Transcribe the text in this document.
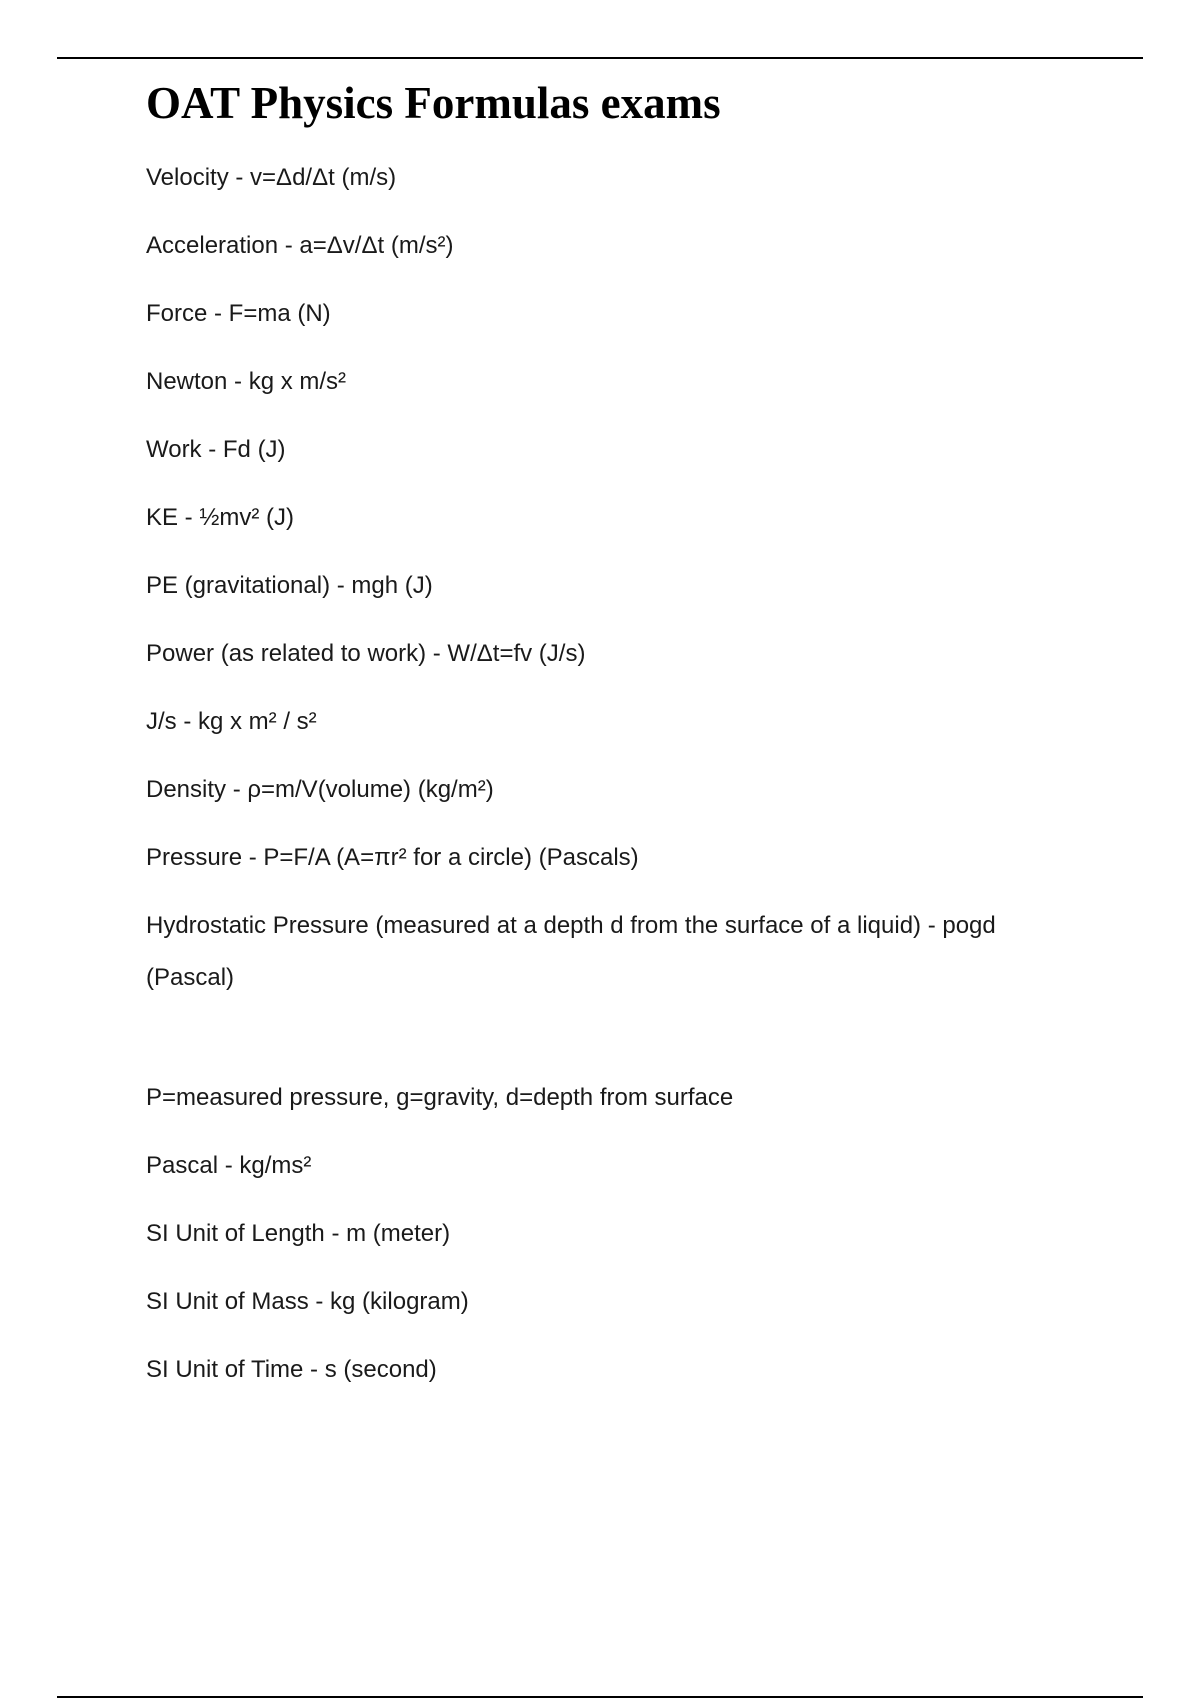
OAT Physics Formulas exams
Velocity - v=Δd/Δt (m/s)
Acceleration - a=Δv/Δt (m/s²)
Force - F=ma (N)
Newton - kg x m/s²
Work - Fd (J)
KE - ½mv² (J)
PE (gravitational) - mgh (J)
Power (as related to work) - W/Δt=fv (J/s)
J/s - kg x m² / s²
Density - ρ=m/V(volume) (kg/m²)
Pressure - P=F/A (A=πr² for a circle) (Pascals)
Hydrostatic Pressure (measured at a depth d from the surface of a liquid) - pogd (Pascal)
P=measured pressure, g=gravity, d=depth from surface
Pascal - kg/ms²
SI Unit of Length - m (meter)
SI Unit of Mass - kg (kilogram)
SI Unit of Time - s (second)
